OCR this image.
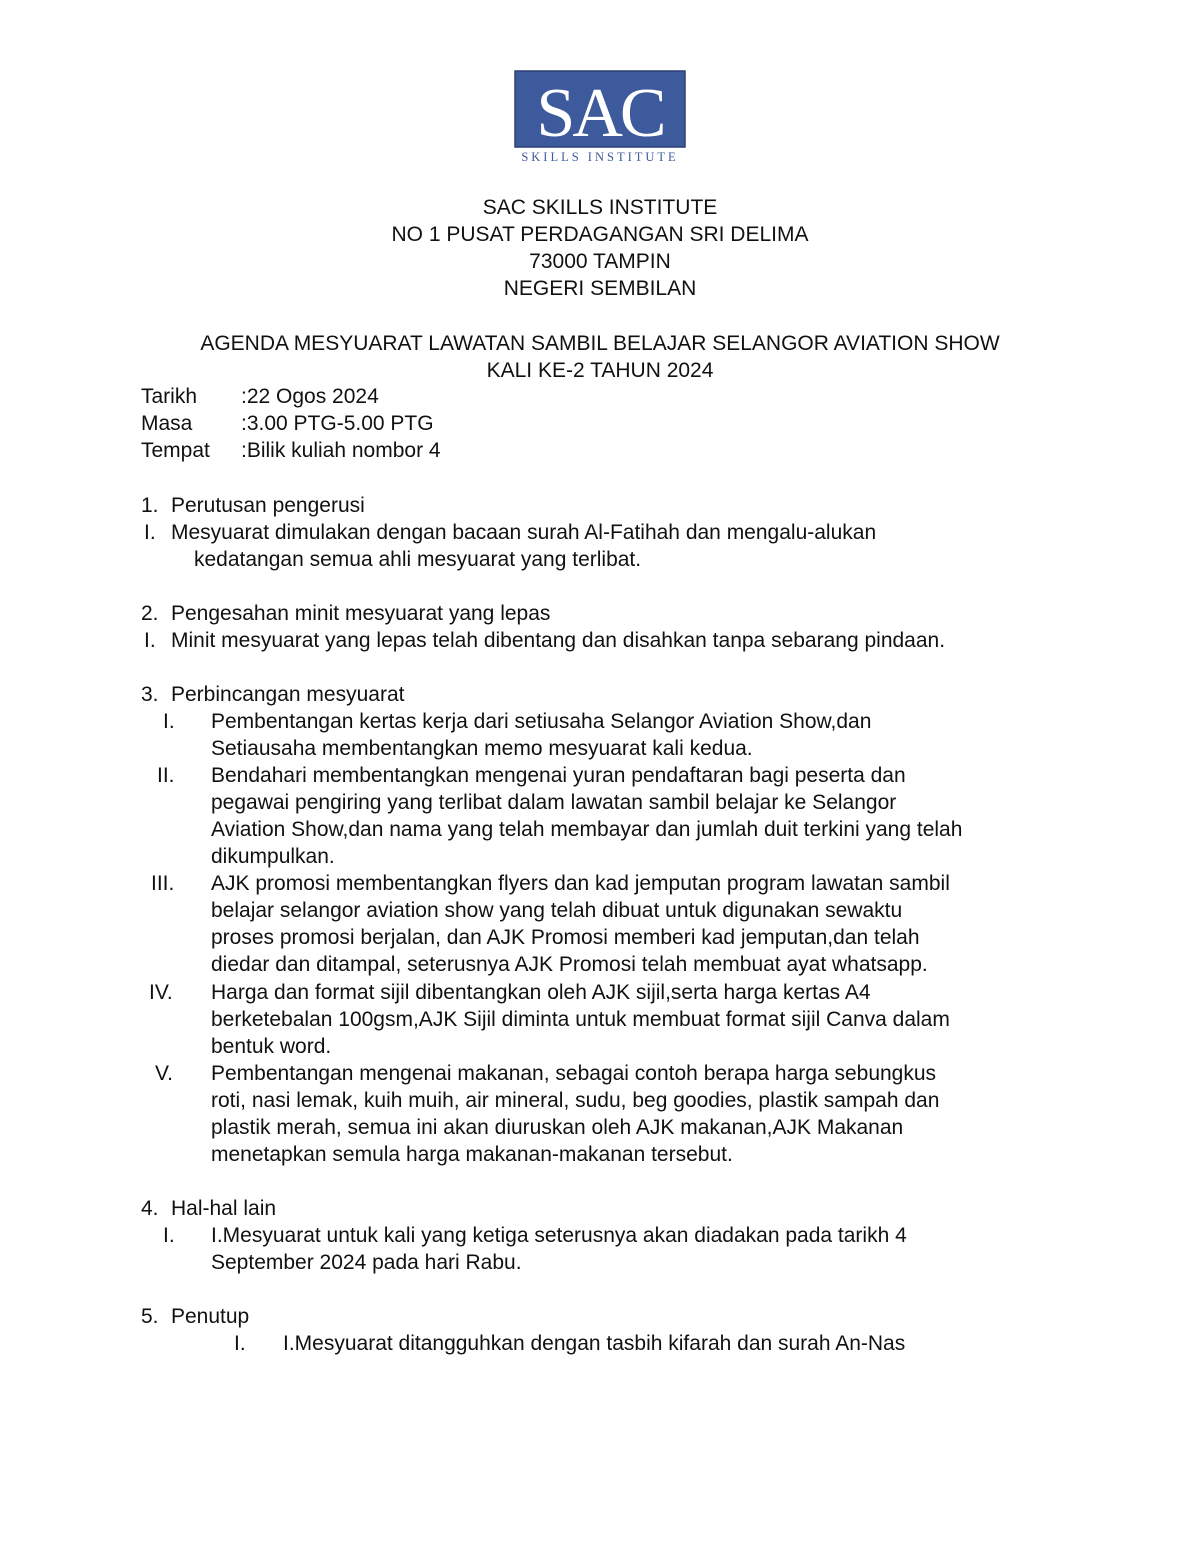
SAC
SKILLS INSTITUTE
SAC SKILLS INSTITUTE
NO 1 PUSAT PERDAGANGAN SRI DELIMA
73000 TAMPIN
NEGERI SEMBILAN
AGENDA MESYUARAT LAWATAN SAMBIL BELAJAR SELANGOR AVIATION SHOW
KALI KE-2 TAHUN 2024
Tarikh :22 Ogos 2024
Masa :3.00 PTG-5.00 PTG
Tempat :Bilik kuliah nombor 4
1. Perutusan pengerusi
I. Mesyuarat dimulakan dengan bacaan surah Al-Fatihah dan mengalu-alukan
kedatangan semua ahli mesyuarat yang terlibat.
2. Pengesahan minit mesyuarat yang lepas
I. Minit mesyuarat yang lepas telah dibentang dan disahkan tanpa sebarang pindaan.
3. Perbincangan mesyuarat
I. Pembentangan kertas kerja dari setiusaha Selangor Aviation Show,dan
Setiausaha membentangkan memo mesyuarat kali kedua.
II. Bendahari membentangkan mengenai yuran pendaftaran bagi peserta dan
pegawai pengiring yang terlibat dalam lawatan sambil belajar ke Selangor
Aviation Show,dan nama yang telah membayar dan jumlah duit terkini yang telah
dikumpulkan.
III. AJK promosi membentangkan flyers dan kad jemputan program lawatan sambil
belajar selangor aviation show yang telah dibuat untuk digunakan sewaktu
proses promosi berjalan, dan AJK Promosi memberi kad jemputan,dan telah
diedar dan ditampal, seterusnya AJK Promosi telah membuat ayat whatsapp.
IV. Harga dan format sijil dibentangkan oleh AJK sijil,serta harga kertas A4
berketebalan 100gsm,AJK Sijil diminta untuk membuat format sijil Canva dalam
bentuk word.
V. Pembentangan mengenai makanan, sebagai contoh berapa harga sebungkus
roti, nasi lemak, kuih muih, air mineral, sudu, beg goodies, plastik sampah dan
plastik merah, semua ini akan diuruskan oleh AJK makanan,AJK Makanan
menetapkan semula harga makanan-makanan tersebut.
4. Hal-hal lain
I. I.Mesyuarat untuk kali yang ketiga seterusnya akan diadakan pada tarikh 4
September 2024 pada hari Rabu.
5. Penutup
I. I.Mesyuarat ditangguhkan dengan tasbih kifarah dan surah An-Nas
